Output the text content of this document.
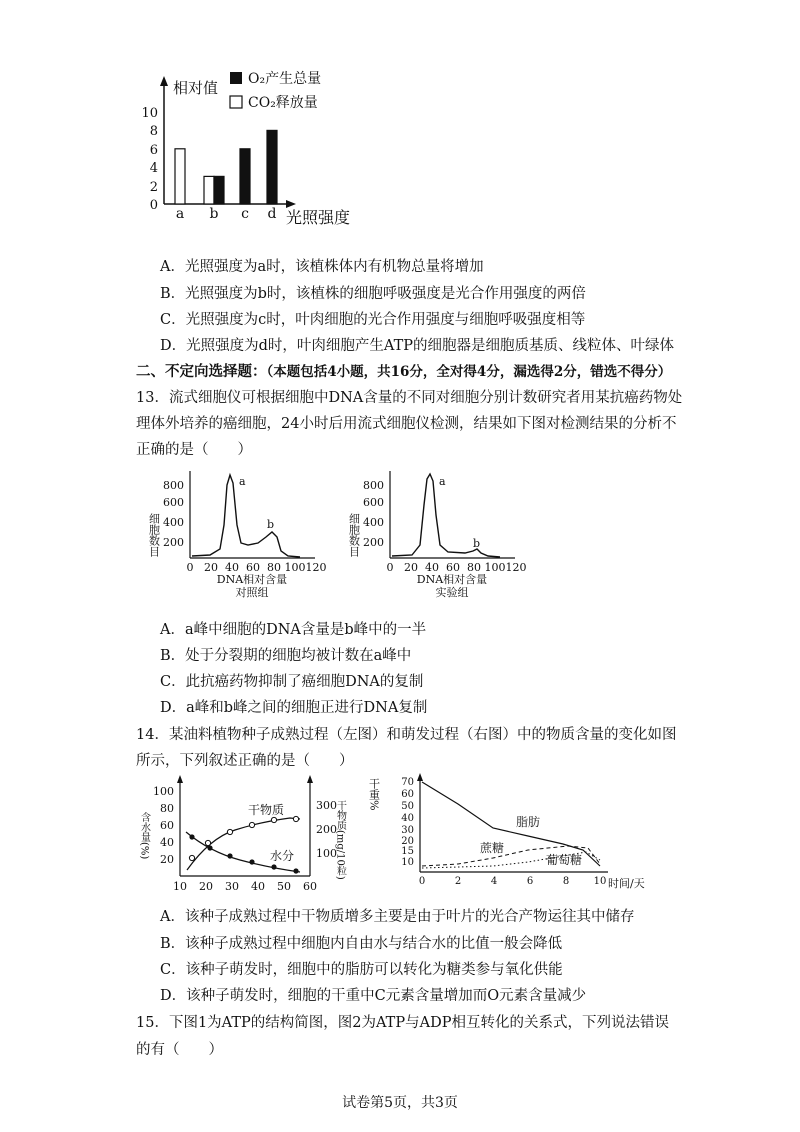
相对值
0
2
4
6
8
10
O₂产生总量
CO₂释放量
a b c d 光照强度
A．光照强度为a时，该植株体内有机物总量将增加
B．光照强度为b时，该植株的细胞呼吸强度是光合作用强度的两倍
C．光照强度为c时，叶肉细胞的光合作用强度与细胞呼吸强度相等
D．光照强度为d时，叶肉细胞产生ATP的细胞器是细胞质基质、线粒体、叶绿体
二、不定向选择题：（本题包括4小题，共16分，全对得4分，漏选得2分，错选不得分）
13．流式细胞仪可根据细胞中DNA含量的不同对细胞分别计数研究者用某抗癌药物处
理体外培养的癌细胞，24小时后用流式细胞仪检测，结果如下图对检测结果的分析不
正确的是（　　）
细胞数目 200
400
600
800	a
b
0 20 40 60 80 100 120
DNA相对含量
对照组
细胞数目 200
400
600
800	a
b
0 20 40 60 80 100 120
DNA相对含量
实验组
A．a峰中细胞的DNA含量是b峰中的一半
B．处于分裂期的细胞均被计数在a峰中
C．此抗癌药物抑制了癌细胞DNA的复制
D．a峰和b峰之间的细胞正进行DNA复制
14．某油料植物种子成熟过程（左图）和萌发过程（右图）中的物质含量的变化如图
所示，下列叙述正确的是（　　）
含水量(%)
20
40
60
80
100
100
200
300
干物质(mg/10粒)
干物质
水分
10 20 30 40 50 60
干重%
10
15
20
30
40
50
60
70
脂肪
蔗糖
葡萄糖
0	2	4	6	8 10 时间/天
A．该种子成熟过程中干物质增多主要是由于叶片的光合产物运往其中储存
B．该种子成熟过程中细胞内自由水与结合水的比值一般会降低
C．该种子萌发时，细胞中的脂肪可以转化为糖类参与氧化供能
D．该种子萌发时，细胞的干重中C元素含量增加而O元素含量减少
15．下图1为ATP的结构简图，图2为ATP与ADP相互转化的关系式，下列说法错误
的有（　　）
试卷第5页，共3页
